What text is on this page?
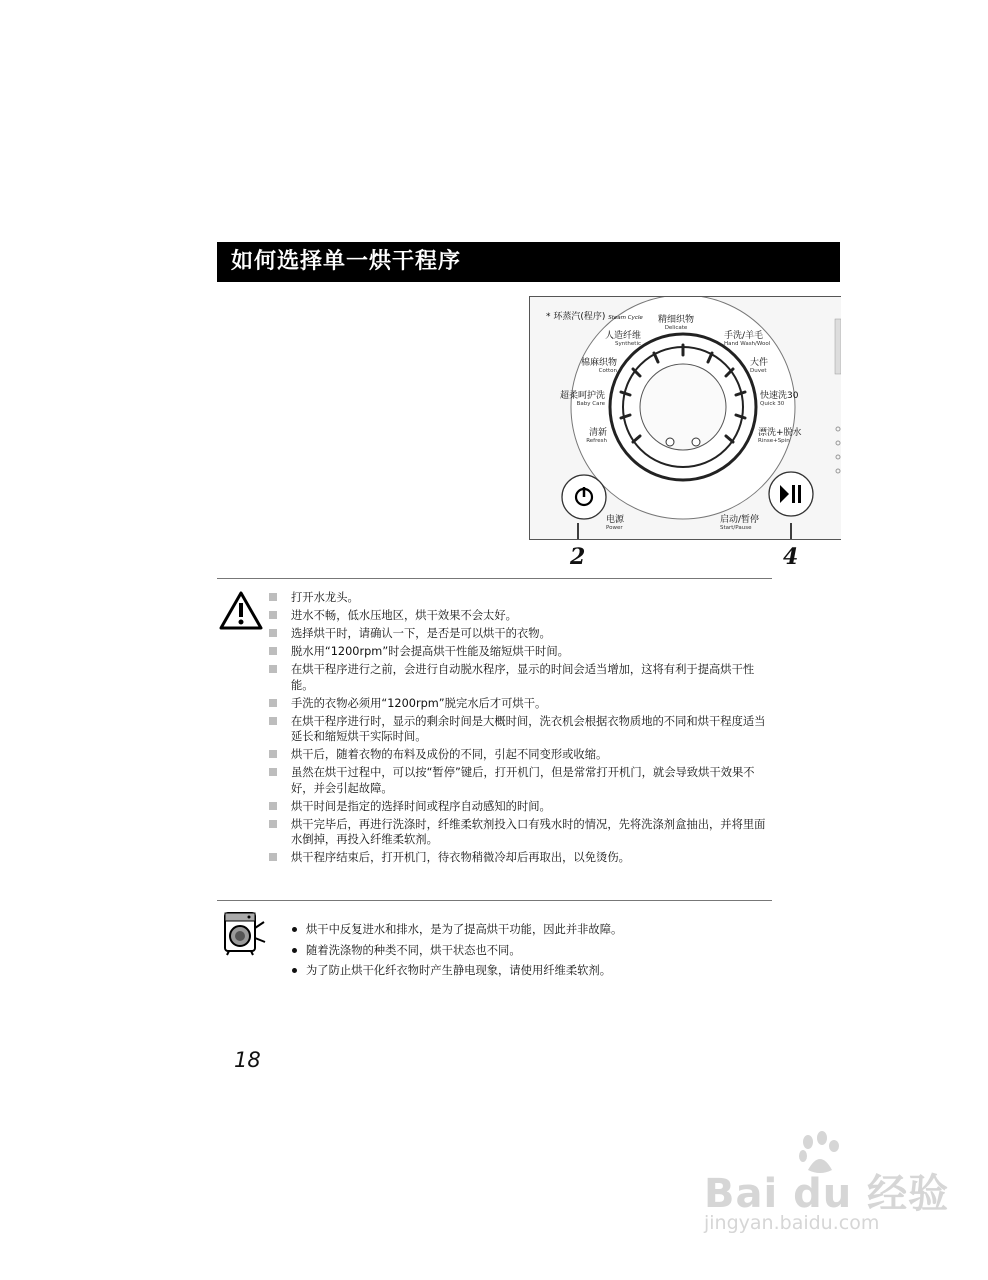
如何选择单一烘干程序
* 环蒸汽(程序) Steam Cycle 精细织物
Delicate
人造纤维
Synthetic
棉麻织物
Cotton
超柔呵护洗
Baby Care
清新
Refresh
手洗/羊毛
Hand Wash/Wool
大件
Duvet
快速洗30
Quick 30
漂洗+脱水
Rinse+Spin
电源
Power
启动/暂停
Start/Pause
2	4
打开水龙头。
进水不畅，低水压地区，烘干效果不会太好。
选择烘干时，请确认一下，是否是可以烘干的衣物。
脱水用“1200rpm”时会提高烘干性能及缩短烘干时间。
在烘干程序进行之前，会进行自动脱水程序，显示的时间会适当增加，这将有利于提高烘干性能。
手洗的衣物必须用“1200rpm”脱完水后才可烘干。
在烘干程序进行时，显示的剩余时间是大概时间，洗衣机会根据衣物质地的不同和烘干程度适当延长和缩短烘干实际时间。
烘干后，随着衣物的布料及成份的不同，引起不同变形或收缩。
虽然在烘干过程中，可以按“暂停”键后，打开机门，但是常常打开机门，就会导致烘干效果不好，并会引起故障。
烘干时间是指定的选择时间或程序自动感知的时间。
烘干完毕后，再进行洗涤时，纤维柔软剂投入口有残水时的情况，先将洗涤剂盒抽出，并将里面水倒掉，再投入纤维柔软剂。
烘干程序结束后，打开机门，待衣物稍微冷却后再取出，以免烫伤。
烘干中反复进水和排水，是为了提高烘干功能，因此并非故障。
随着洗涤物的种类不同，烘干状态也不同。
为了防止烘干化纤衣物时产生静电现象，请使用纤维柔软剂。
18
Bai du 经验
jingyan.baidu.com
